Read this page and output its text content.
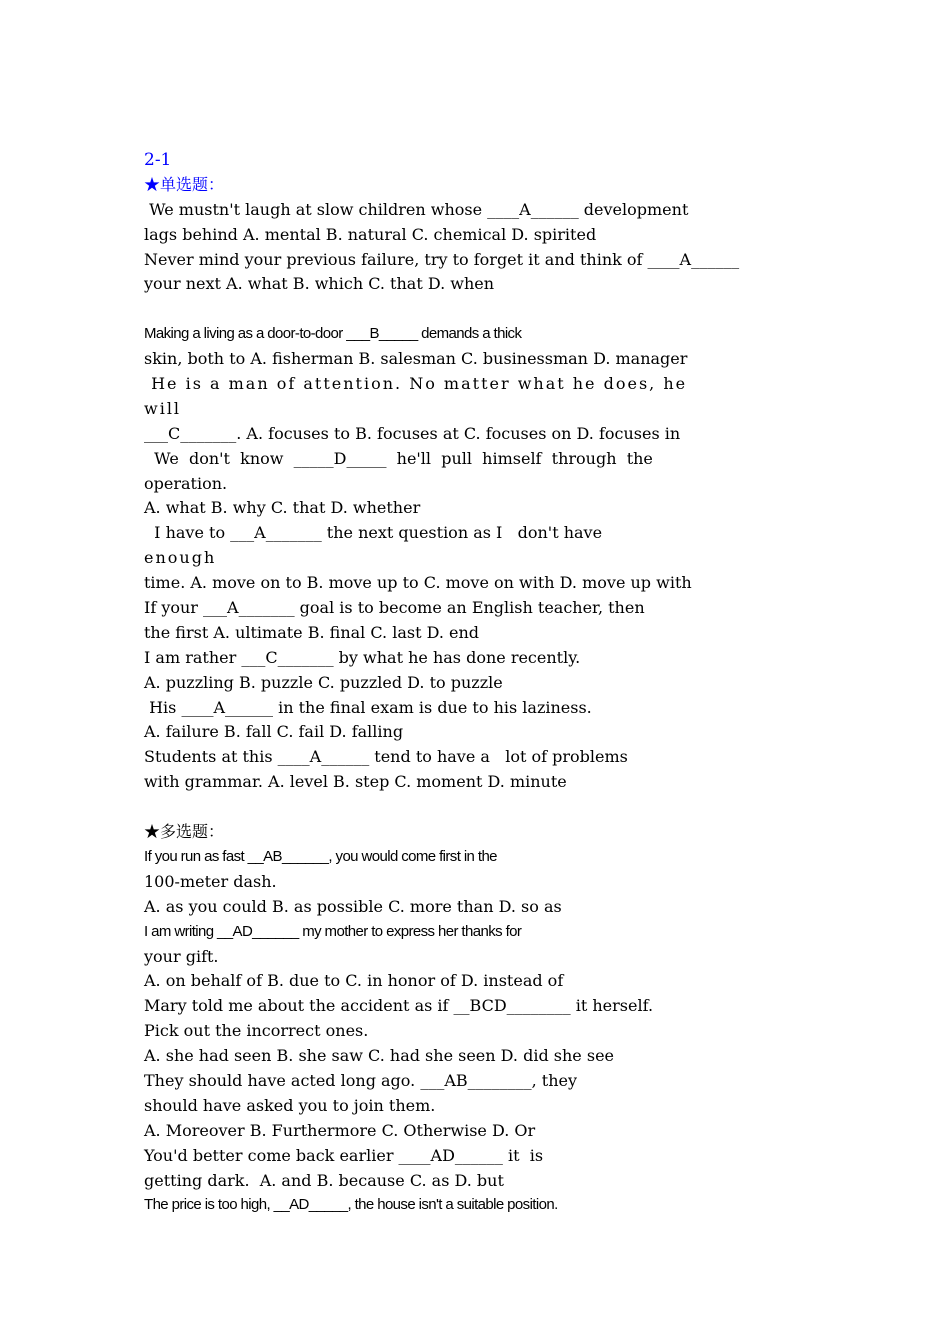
2-1
★单选题：
We mustn't laugh at slow children whose ____A______ development
lags behind A. mental B. natural C. chemical D. spirited
Never mind your previous failure, try to forget it and think of ____A______
your next A. what B. which C. that D. when
Making a living as a door-to-door ___B_____ demands a thick
skin, both to A. fisherman B. salesman C. businessman D. manager
He is a man of attention. No matter what he does, he
will
___C_______. A. focuses to B. focuses at C. focuses on D. focuses in
We  don't  know  _____D_____  he'll  pull  himself  through  the
operation.
A. what B. why C. that D. whether
I have to ___A_______ the next question as I   don't have
enough
time. A. move on to B. move up to C. move on with D. move up with
If your ___A_______ goal is to become an English teacher, then
the first A. ultimate B. final C. last D. end
I am rather ___C_______ by what he has done recently.
A. puzzling B. puzzle C. puzzled D. to puzzle
His ____A______ in the final exam is due to his laziness.
A. failure B. fall C. fail D. falling
Students at this ____A______ tend to have a   lot of problems
with grammar. A. level B. step C. moment D. minute
★多选题：
If you run as fast __AB______, you would come first in the
100-meter dash.
A. as you could B. as possible C. more than D. so as
I am writing __AD______ my mother to express her thanks for
your gift.
A. on behalf of B. due to C. in honor of D. instead of
Mary told me about the accident as if __BCD________ it herself.
Pick out the incorrect ones.
A. she had seen B. she saw C. had she seen D. did she see
They should have acted long ago. ___AB________, they
should have asked you to join them.
A. Moreover B. Furthermore C. Otherwise D. Or
You'd better come back earlier ____AD______ it  is
getting dark.  A. and B. because C. as D. but
The price is too high, __AD_____, the house isn't a suitable position.
